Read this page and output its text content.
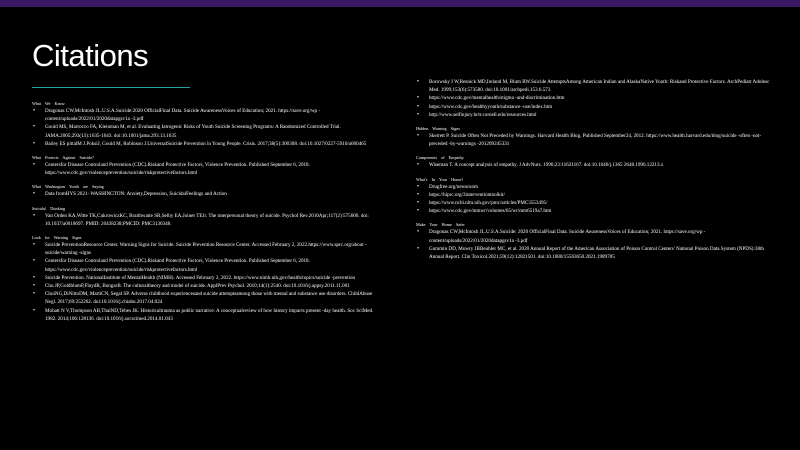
Citations

What We Know

• Dragonas CW,McIntosh JL.U.S.A.Suicide:2020 OfficialFinal Data. Suicide AwarenessVoices of Education; 2021. https://save.org/wp -content/uploads/2022/01/2020datapgsv1a -3.pdf
• Gould MS, Marrocco FA, Kleinman M, et al. Evaluating Iatrogenic Risks of Youth Suicide Screening Programs: A Randomized Controlled Trial. JAMA.2005;293(13):1635-1643. doi:10.1001/jama.293.13.1635
• Bailey ES pittalM J.PoksiJ, Gould M, Robinson J.UniversalSuicide Prevention in Young People. Crisis. 2017;38(5):300308. doi:10.1027/0227-5910/a000465

What Protects Against Suicide?

• Centersfor Disease Controland Prevention (CDC).Riskand Protective Factors, Violence Prevention. Published September 6, 2018. https://www.cdc.gov/violenceprevention/suicide/riskprotectivefactors.html

What Washington Youth are Saying

• Data fromHYS 2021- WASHINGTON: Anxiety,Depression, SuicidalFeelings and Action

Suicidal Thinking

• Van Orden KA,Witte TK,CukrowiczKC, Braithwaite SR,Selby EA,Joiner TEJr. The interpersonal theory of suicide. Psychol Rev.2010Apr;117(2):575600. doi: 10.1037/a0018697. PMID: 20438238;PMCID: PMC3130348.

Look for Warning Signs

• Suicide PreventionResource Center. Warning Signs for Suicide. Suicide Prevention Resource Center. Accessed February 2, 2022.https://www.sprc.org/about -suicide/warning -signs
• Centersfor Disease Controland Prevention (CDC).Riskand Protective Factors, Violence Prevention. Published September 6, 2018. https://www.cdc.gov/violenceprevention/suicide/riskprotectivefactors.html
• Suicide Prevention. NationalInstitute of MentalHealth (NIMH). Accessed February 2, 2022. https://www.nimh.nih.gov/health/topics/suicide -prevention
• Chu JP,GoldblumP,FloydR, BongarB. The culturaltheory and model of suicide. ApplPrev Psychol. 2010;14(1):2540. doi:10.1016/j.appsy.2011.11.001
• ChoiNG,DiNittoDM, MartiCN, Segal SP. Adverse childhood experiencesand suicide attemptsamong those with mental and substance use disorders. ChildAbuse Negl. 2017;69:252262. doi:10.1016/j.chiabu.2017.04.024
• Mohatt N V,Thompson AB,ThaiND,Tebes JK. Historicaltrauma as public narrative: A conceptualreview of how history impacts present -day health. Soc SciMed. 1982. 2014;106:128136. doi:10.1016/j.socscimed.2014.01.043
• Borowsky I W,Resnick MD,Ireland M, Blum RW.Suicide AttemptsAmong American Indian and AlaskaNative Youth: Riskand Protective Factors. ArchPediatr Adolesc Med. 1999;153(6):573580. doi:10.1001/archpedi.153.6.573
• https://www.cdc.gov/mentalhealth/stigma -and-discrimination.htm
• https://www.cdc.gov/healthyyouth/substance -use/index.htm
• http://www.selfinjury.bctr.cornell.edu/resources.html

Hidden Warning Signs

• Skeirett P. Suicide Often Not Preceded by Warnings. Harvard Health Blog. Published September24, 2012. https://www.health.harvard.edu/blog/suicide -often -not-preceded -by-warnings -201209245331

Components of Empathy

• Wiseman T. A concept analysis of empathy. J AdvNurs. 1996;23:11621167. doi:10.1046/j.1365 2648.1996.12213.x

What's In Your Home?

• Drugfree.org/newsroom
• https://hiprc.org/3interventiontoolkit/
• https://www.ncbi.nlm.nih.gov/pmc/articles/PMC3553495/
• https://www.cdc.gov/mmwr/volumes/65/wr/mm6519a7.htm

Make Your Home Safer

• Dragonas CW,McIntosh JL.U.S.A.Suicide: 2020 OfficialFinal Data. Suicide AwarenessVoices of Education; 2021. https://save.org/wp -content/uploads/2022/01/2020datapgsv1a -3.pdf
• Gummin DD, Mowry JBBeuhler MC, et al. 2020 Annual Report of the American Association of Poison Control Centers' National Poison Data System (NPDS):38th Annual Report. Clin Toxicol.2021;59(12):12821501. doi:10.1080/15563650.2021.1989785
